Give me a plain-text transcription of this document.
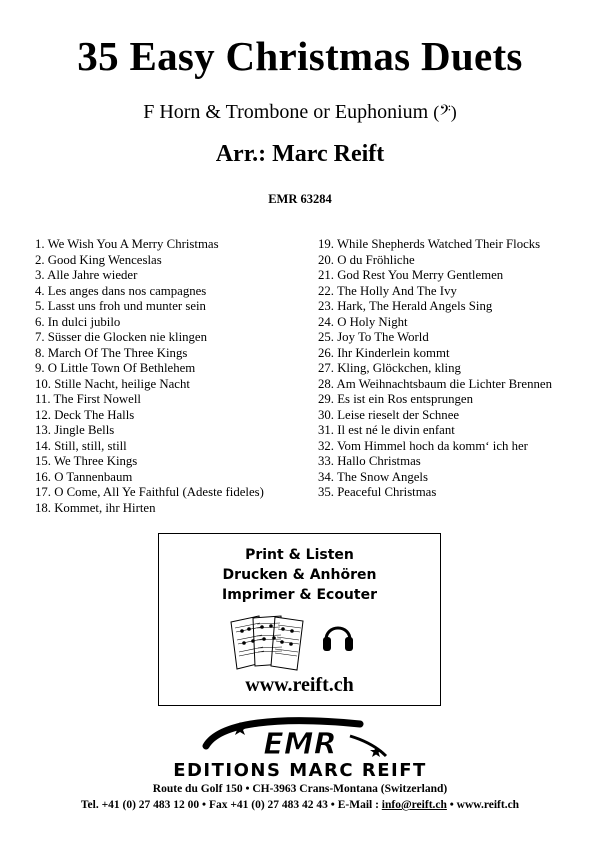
35 Easy Christmas Duets
F Horn & Trombone or Euphonium (𝄢)
Arr.: Marc Reift
EMR 63284
1. We Wish You A Merry Christmas
2. Good King Wenceslas
3. Alle Jahre wieder
4. Les anges dans nos campagnes
5. Lasst uns froh und munter sein
6. In dulci jubilo
7. Süsser die Glocken nie klingen
8. March Of The Three Kings
9. O Little Town Of Bethlehem
10. Stille Nacht, heilige Nacht
11. The First Nowell
12. Deck The Halls
13. Jingle Bells
14. Still, still, still
15. We Three Kings
16. O Tannenbaum
17. O Come, All Ye Faithful (Adeste fideles)
18. Kommet, ihr Hirten
19. While Shepherds Watched Their Flocks
20. O du Fröhliche
21. God Rest You Merry Gentlemen
22. The Holly And The Ivy
23. Hark, The Herald Angels Sing
24. O Holy Night
25. Joy To The World
26. Ihr Kinderlein kommt
27. Kling, Glöckchen, kling
28. Am Weihnachtsbaum die Lichter Brennen
29. Es ist ein Ros entsprungen
30. Leise rieselt der Schnee
31. Il est né le divin enfant
32. Vom Himmel hoch da komm‘ ich her
33. Hallo Christmas
34. The Snow Angels
35. Peaceful Christmas
Print & Listen
Drucken & Anhören
Imprimer & Ecouter
www.reift.ch
EMR
EDITIONS MARC REIFT
Route du Golf 150 • CH-3963 Crans-Montana (Switzerland)
Tel. +41 (0) 27 483 12 00 • Fax +41 (0) 27 483 42 43 • E-Mail : info@reift.ch • www.reift.ch
